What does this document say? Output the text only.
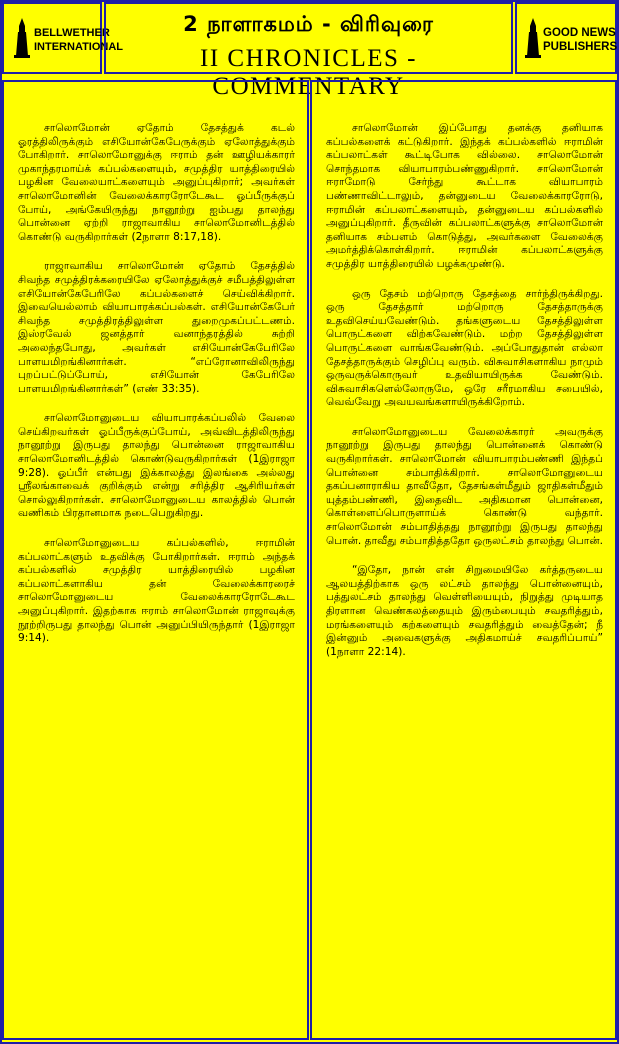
BELLWETHER
INTERNATIONAL
2 நாளாகமம் - விரிவுரை
II CHRONICLES - COMMENTARY
GOOD NEWS
PUBLISHERS

சாலொமோன் ஏதோம் தேசத்துக் கடல் ஓரத்திலிருக்கும் எசியோன்கேபேருக்கும் ஏலோத்துக்கும் போகிறார். சாலொமோனுக்கு ஈராம் தன் ஊழியக்காரர் முகாந்தரமாய்க் கப்பல்களையும், சமுத்திர யாத்திரையில் பழகின வேலையாட்களையும் அனுப்புகிறார்; அவர்கள் சாலொமோனின் வேலைக்காரரோடேகூட ஓப்பீருக்குப் போய், அங்கேயிருந்து நானூற்று ஐம்பது தாலந்து பொன்னை ஏற்றி ராஜாவாகிய சாலொமோனிடத்தில் கொண்டு வருகிறார்கள் (2நாளா 8:17,18).

ராஜாவாகிய சாலொமோன் ஏதோம் தேசத்தில் சிவந்த சமுத்திரக்கரையிலே ஏலோத்துக்குச் சமீபத்திலுள்ள எசியோன்கேபேரிலே கப்பல்களைச் செய்விக்கிறார். இவையெல்லாம் வியாபாரக்கப்பல்கள். எசியோன்கேபேர் சிவந்த சமுத்திரத்திலுள்ள துறைமுகப்பட்டணம். இஸ்ரவேல் ஜனத்தார் வனாந்தரத்தில் சுற்றி அலைந்தபோது, அவர்கள் எசியோன்கேபேரிலே பாளயமிறங்கினார்கள். “எப்ரோனாவிலிருந்து புறப்பட்டுப்போய், எசியோன் கேபேரிலே பாளயமிறங்கினார்கள்” (எண் 33:35).

சாலொமோனுடைய வியாபாரக்கப்பலில் வேலை செய்கிறவர்கள் ஓப்பீருக்குப்போய், அவ்விடத்திலிருந்து நானூற்று இருபது தாலந்து பொன்னை ராஜாவாகிய சாலொமோனிடத்தில் கொண்டுவருகிறார்கள் (1இராஜா 9:28). ஓப்பீர் என்பது இக்காலத்து இலங்கை அல்லது ஸ்ரீலங்காவைக் குறிக்கும் என்று சரித்திர ஆசிரியர்கள் சொல்லுகிறார்கள். சாலொமோனுடைய காலத்தில் பொன் வணிகம் பிரதானமாக நடைபெறுகிறது.

சாலொமோனுடைய கப்பல்களில், ஈராமின் கப்பலாட்களும் உதவிக்கு போகிறார்கள். ஈராம் அந்தக் கப்பல்களில் சமுத்திர யாத்திரையில் பழகின கப்பலாட்களாகிய தன் வேலைக்காரரைச் சாலொமோனுடைய வேலைக்காரரோடேகூட அனுப்புகிறார். இதற்காக ஈராம் சாலொமோன் ராஜாவுக்கு நூற்றிருபது தாலந்து பொன் அனுப்பியிருந்தார் (1இராஜா 9:14).

சாலொமோன் இப்போது தனக்கு தனியாக கப்பல்களைக் கட்டுகிறார். இந்தக் கப்பல்களில் ஈராமின் கப்பலாட்கள் கூட்டிபோக வில்லை. சாலொமோன் சொந்தமாக வியாபாரம்பண்ணுகிறார். சாலொமோன் ஈராமோடு சேர்ந்து கூட்டாக வியாபாரம் பண்ணாவிட்டாலும், தன்னுடைய வேலைக்காரரோடு, ஈராமின் கப்பலாட்களையும், தன்னுடைய கப்பல்களில் அனுப்புகிறார். தீருவின் கப்பலாட்களுக்கு சாலொமோன் தனியாக சம்பளம் கொடுத்து, அவர்களை வேலைக்கு அமர்த்திக்கொள்கிறார். ஈராமின் கப்பலாட்களுக்கு சமுத்திர யாத்திரையில் பழக்கமுண்டு.

ஒரு தேசம் மற்றொரு தேசத்தை சார்ந்திருக்கிறது. ஒரு தேசத்தார் மற்றொரு தேசத்தாருக்கு உதவிசெய்யவேண்டும். தங்களுடைய தேசத்திலுள்ள பொருட்களை விற்கவேண்டும். மற்ற தேசத்திலுள்ள பொருட்களை வாங்கவேண்டும். அப்போதுதான் எல்லா தேசத்தாருக்கும் செழிப்பு வரும். விசுவாசிகளாகிய நாமும் ஒருவருக்கொருவர் உதவியாயிருக்க வேண்டும். விசுவாசிகளெல்லோருமே, ஒரே சரீரமாகிய சபையில், வெவ்வேறு அவயவங்களாயிருக்கிறோம்.

சாலொமோனுடைய வேலைக்காரர் அவருக்கு நானூற்று இருபது தாலந்து பொன்னைக் கொண்டு வருகிறார்கள். சாலொமோன் வியாபாரம்பண்ணி இந்தப் பொன்னை சம்பாதிக்கிறார். சாலொமோனுடைய தகப்பனாராகிய தாவீதோ, தேசங்கள்மீதும் ஜாதிகள்மீதும் யுத்தம்பண்ணி, இதைவிட அதிகமான பொன்னை, கொள்ளைப்பொருளாய்க் கொண்டு வந்தார். சாலொமோன் சம்பாதித்தது நானூற்று இருபது தாலந்து பொன். தாவீது சம்பாதித்ததோ ஒருலட்சம் தாலந்து பொன்.

“இதோ, நான் என் சிறுமையிலே கர்த்தருடைய ஆலயத்திற்காக ஒரு லட்சம் தாலந்து பொன்னையும், பத்துலட்சம் தாலந்து வெள்ளியையும், நிறுத்து முடியாத திரளான வெண்கலத்தையும் இரும்பையும் சவதரித்தும், மரங்களையும் கற்களையும் சவதரித்தும் வைத்தேன்; நீ இன்னும் அவைகளுக்கு அதிகமாய்ச் சவதரிப்பாய்” (1நாளா 22:14).
